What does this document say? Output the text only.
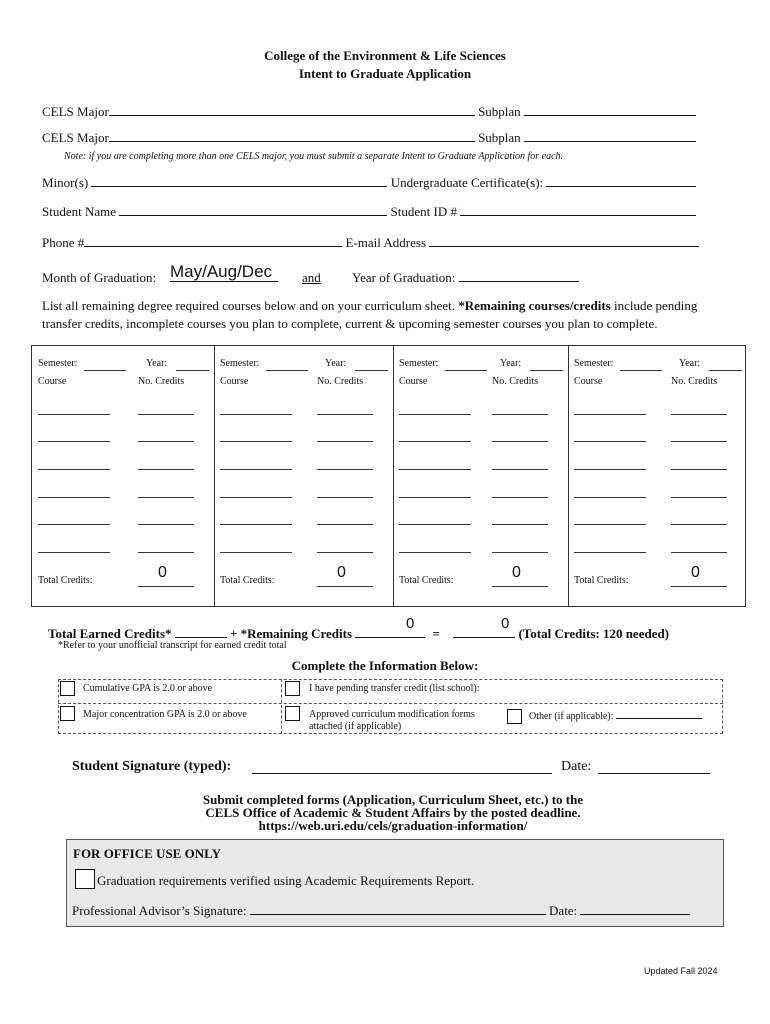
College of the Environment & Life Sciences
Intent to Graduate Application
CELS Major	Subplan
CELS Major	Subplan
Note: if you are completing more than one CELS major, you must submit a separate Intent to Graduate Application for each.
Minor(s)	Undergraduate Certificate(s):
Student Name	Student ID #
Phone #	E-mail Address
Month of Graduation: May/Aug/Dec	and Year of Graduation:
List all remaining degree required courses below and on your curriculum sheet. *Remaining courses/credits include pending
transfer credits, incomplete courses you plan to complete, current & upcoming semester courses you plan to complete.
Semester:	Year:
Course	No. Credits
Total Credits:	0
Semester:	Year:
Course	No. Credits
Total Credits:	0
Semester:	Year:
Course	No. Credits
Total Credits:	0
Semester:	Year:
Course	No. Credits
Total Credits:	0
Total Earned Credits*	+ *Remaining Credits	=	(Total Credits: 120 needed)
0	0
*Refer to your unofficial transcript for earned credit total
Complete the Information Below:
Cumulative GPA is 2.0 or above	I have pending transfer credit (list school):
Major concentration GPA is 2.0 or above	Approved curriculum modification forms
attached (if applicable)
Other (if applicable):
Student Signature (typed):	Date:
Submit completed forms (Application, Curriculum Sheet, etc.) to the
CELS Office of Academic & Student Affairs by the posted deadline.
https://web.uri.edu/cels/graduation-information/
FOR OFFICE USE ONLY
Graduation requirements verified using Academic Requirements Report.
Professional Advisor’s Signature:	Date:
Updated Fall 2024
